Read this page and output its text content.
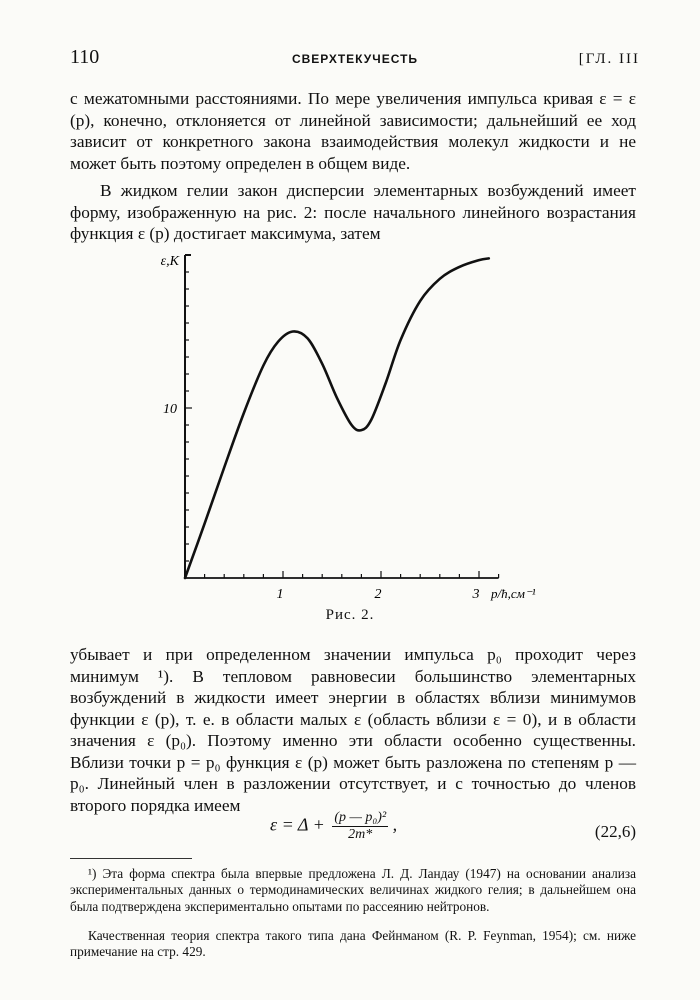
110	СВЕРХТЕКУЧЕСТЬ	[ГЛ. III

с межатомными расстояниями. По мере увеличения импульса кривая ε = ε (p), конечно, отклоняется от линейной зависимости; дальнейший ее ход зависит от конкретного закона взаимодействия молекул жидкости и не может быть поэтому определен в общем виде.

В жидком гелии закон дисперсии элементарных возбуждений имеет форму, изображенную на рис. 2: после начального линейного возрастания функция ε (p) достигает максимума, затем

1	2	3
10
ε,K
p/ħ,см⁻¹
Рис. 2.

убывает и при определенном значении импульса p₀ проходит через минимум ¹). В тепловом равновесии большинство элементарных возбуждений в жидкости имеет энергии в областях вблизи минимумов функции ε (p), т. е. в области малых ε (область вблизи ε = 0), и в области значения ε (p₀). Поэтому именно эти области особенно существенны. Вблизи точки p = p₀ функция ε (p) может быть разложена по степеням p — p₀. Линейный член в разложении отсутствует, и с точностью до членов второго порядка имеем

$\varepsilon = \Delta + \frac{\text{(p — p₀)²}}{2m*}$ ,	(22,6)

¹) Эта форма спектра была впервые предложена Л. Д. Ландау (1947) на основании анализа экспериментальных данных о термодинамических величинах жидкого гелия; в дальнейшем она была подтверждена экспериментально опытами по рассеянию нейтронов.

Качественная теория спектра такого типа дана Фейнманом (R. P. Feynman, 1954); см. ниже примечание на стр. 429.
